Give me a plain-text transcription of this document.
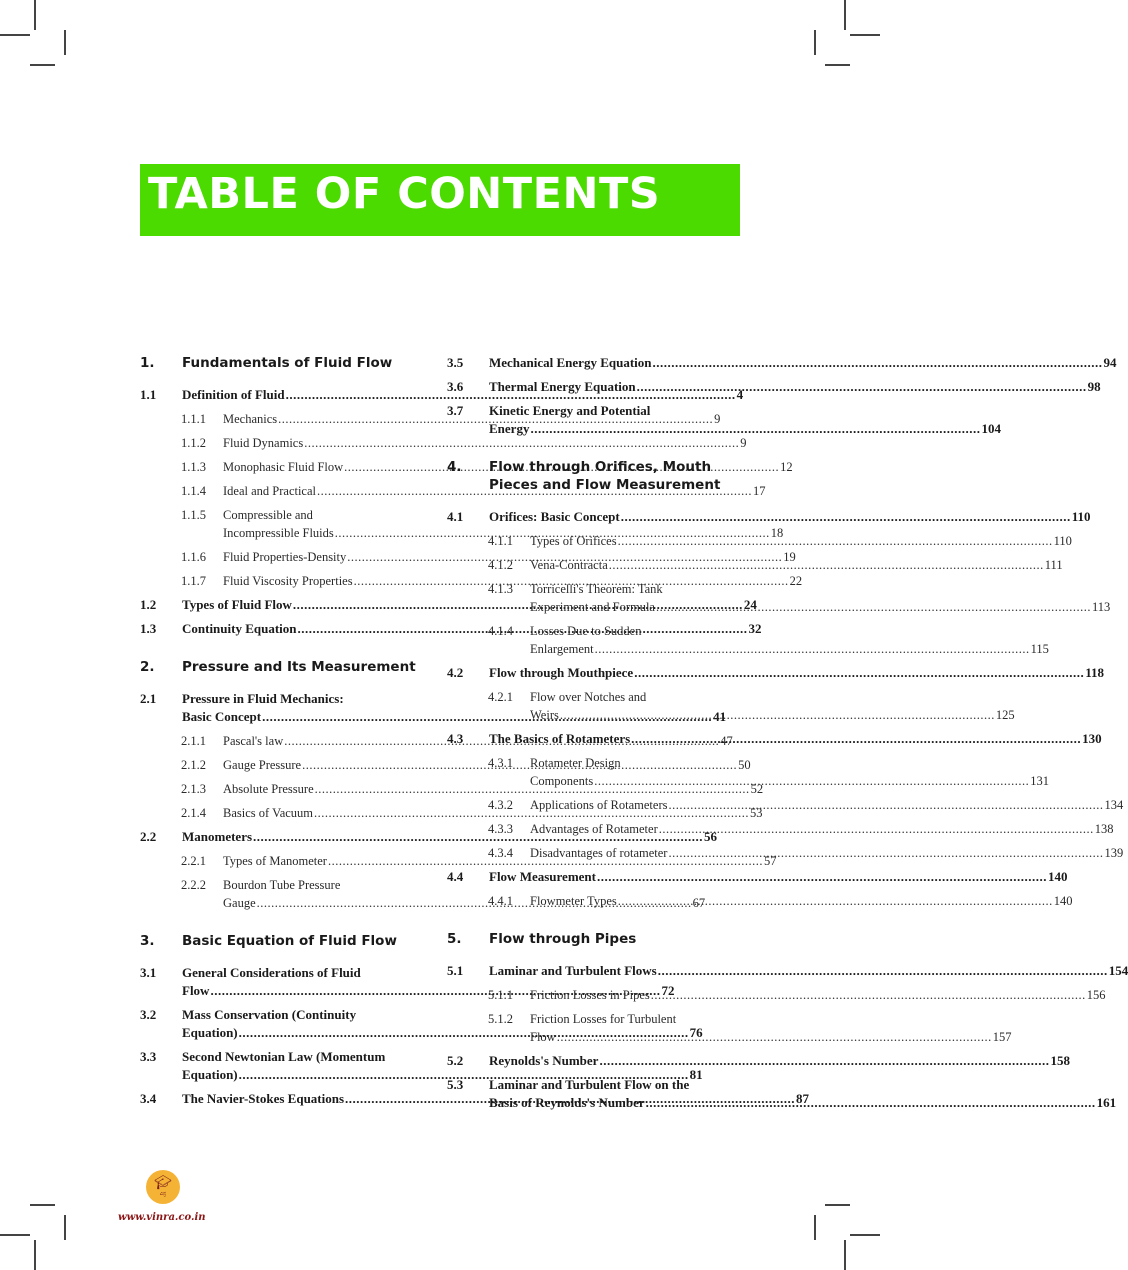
TABLE OF CONTENTS
1.	Fundamentals of Fluid Flow
1.1	Definition of Fluid .....	4
1.1.1	Mechanics .....	9
1.1.2	Fluid Dynamics .....	9
1.1.3	Monophasic Fluid Flow .....	12
1.1.4	Ideal and Practical .....	17
1.1.5	Compressible and
Incompressible Fluids .....	18
1.1.6	Fluid Properties-Density .....	19
1.1.7	Fluid Viscosity Properties .....	22
1.2	Types of Fluid Flow .....	24
1.3	Continuity Equation .....	32
2.	Pressure and Its Measurement
2.1	Pressure in Fluid Mechanics:
Basic Concept .....	41
2.1.1	Pascal's law .....	47
2.1.2	Gauge Pressure .....	50
2.1.3	Absolute Pressure .....	52
2.1.4	Basics of Vacuum .....	53
2.2	Manometers .....	56
2.2.1	Types of Manometer .....	57
2.2.2	Bourdon Tube Pressure
Gauge .....	67
3.	Basic Equation of Fluid Flow
3.1	General Considerations of Fluid
Flow .....	72
3.2	Mass Conservation (Continuity
Equation) .....	76
3.3	Second Newtonian Law (Momentum
Equation) .....	81
3.4	The Navier-Stokes Equations .....	87
3.5	Mechanical Energy Equation .....	94
3.6	Thermal Energy Equation .....	98
3.7	Kinetic Energy and Potential
Energy .....	104
4.	Flow through Orifices, Mouth Pieces and Flow Measurement
4.1	Orifices: Basic Concept .....	110
4.1.1	Types of Orifices .....	110
4.1.2	Vena-Contracta .....	111
4.1.3	Torricelli's Theorem: Tank
Experiment and Formula .....	113
4.1.4	Losses Due to Sudden
Enlargement .....	115
4.2	Flow through Mouthpiece .....	118
4.2.1	Flow over Notches and
Weirs .....	125
4.3	The Basics of Rotameters .....	130
4.3.1	Rotameter Design
Components .....	131
4.3.2	Applications of Rotameters .....	134
4.3.3	Advantages of Rotameter .....	138
4.3.4	Disadvantages of rotameter .....	139
4.4	Flow Measurement .....	140
4.4.1	Flowmeter Types .....	140
5.	Flow through Pipes
5.1	Laminar and Turbulent Flows .....	154
5.1.1	Friction Losses in Pipes .....	156
5.1.2	Friction Losses for Turbulent
Flow .....	157
5.2	Reynolds's Number .....	158
5.3	Laminar and Turbulent Flow on the
Basis of Reynolds's Number .....	161
🎓︎
ವಿನ್ರ
www.vinra.co.in
